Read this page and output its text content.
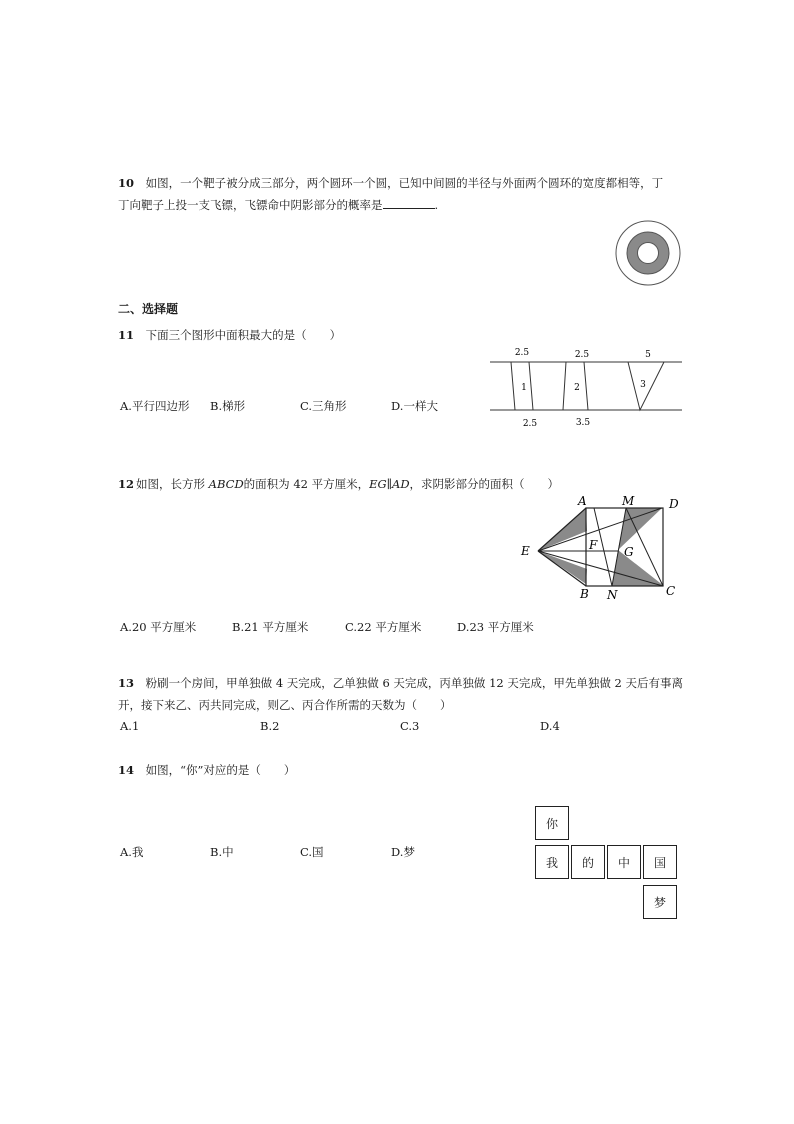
10 如图，一个靶子被分成三部分，两个圆环一个圆，已知中间圆的半径与外面两个圆环的宽度都相等，丁
丁向靶子上投一支飞镖，飞镖命中阴影部分的概率是	.
二、选择题
11 下面三个图形中面积最大的是（　　）
A.平行四边形 B.梯形	C.三角形	D.一样大
2.5	2.5	5
2.5	3.5
1	2	3
12 如图，长方形 ABCD的面积为 42 平方厘米，EG∥AD，求阴影部分的面积（　　）
A	M	D
E	F G
B N	C
A.20 平方厘米	B.21 平方厘米	C.22 平方厘米	D.23 平方厘米
13 粉刷一个房间，甲单独做 4 天完成，乙单独做 6 天完成，丙单独做 12 天完成，甲先单独做 2 天后有事离
开，接下来乙、丙共同完成，则乙、丙合作所需的天数为（　　）
A.1	B.2	C.3	D.4
14 如图，“你”对应的是（　　）
A.我	B.中	C.国	D.梦
你
我	的	中	国
梦
